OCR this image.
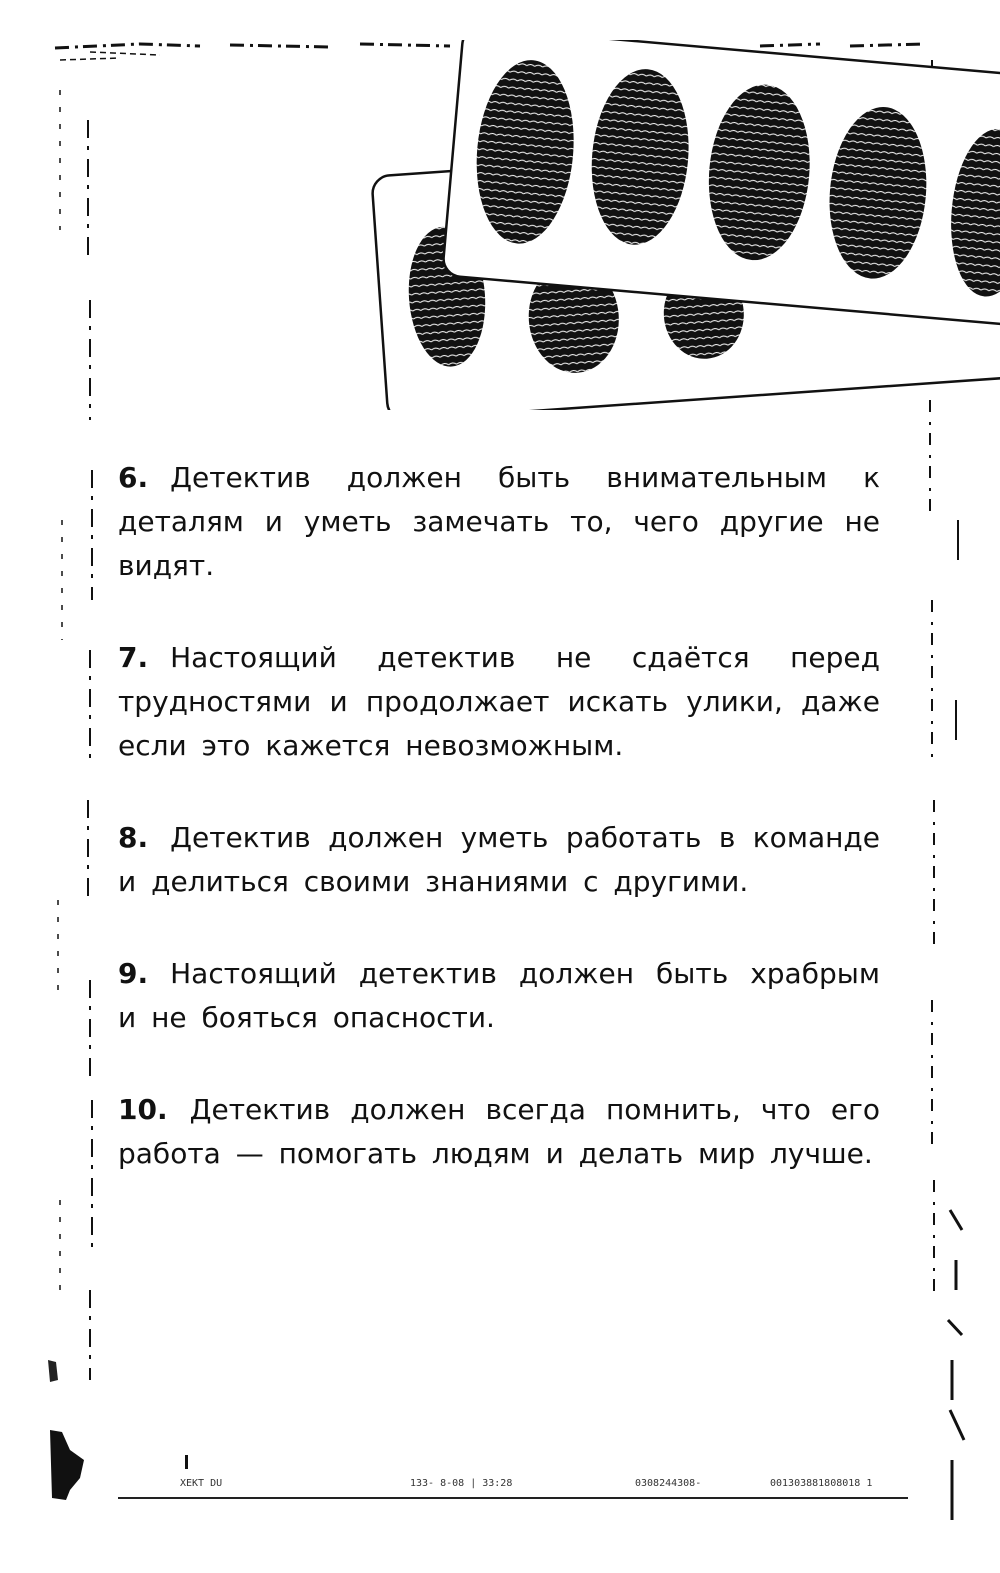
6. Детектив должен быть внимательным к деталям и уметь замечать то, чего другие не видят.

7. Настоящий детектив не сдаётся перед трудностями и продолжает искать улики, даже если это кажется невозможным.

8. Детектив должен уметь работать в команде и делиться своими знаниями с другими.

9. Настоящий детектив должен быть храбрым и не бояться опасности.

10. Детектив должен всегда помнить, что его работа — помогать людям и делать мир лучше.

XEKT DU	133- 8-08 | 33:28	0308244308-	001303881808018 1
